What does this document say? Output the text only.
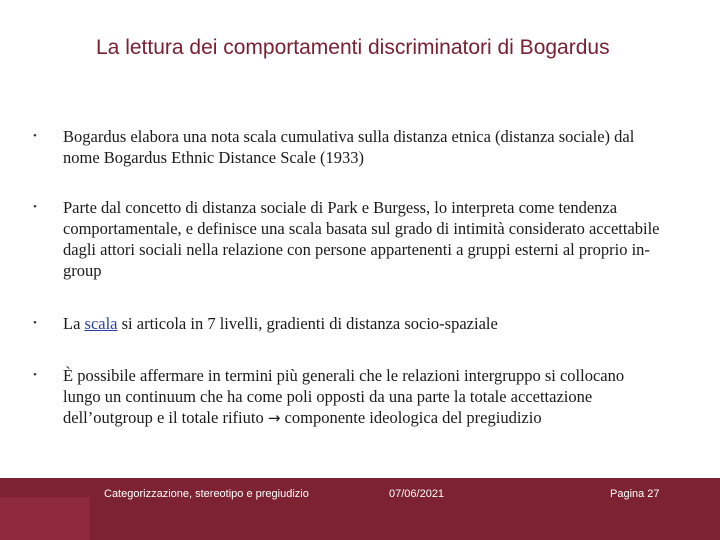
La lettura dei comportamenti discriminatori di Bogardus
• Bogardus elabora una nota scala cumulativa sulla distanza etnica (distanza sociale) dal nome Bogardus Ethnic Distance Scale (1933)
• Parte dal concetto di distanza sociale di Park e Burgess, lo interpreta come tendenza comportamentale, e definisce una scala basata sul grado di intimità considerato accettabile dagli attori sociali nella relazione con persone appartenenti a gruppi esterni al proprio in-group
• La scala si articola in 7 livelli, gradienti di distanza socio-spaziale
• È possibile affermare in termini più generali che le relazioni intergruppo si collocano lungo un continuum che ha come poli opposti da una parte la totale accettazione dell’outgroup e il totale rifiuto → componente ideologica del pregiudizio
Categorizzazione, stereotipo e pregiudizio	07/06/2021	Pagina 27
